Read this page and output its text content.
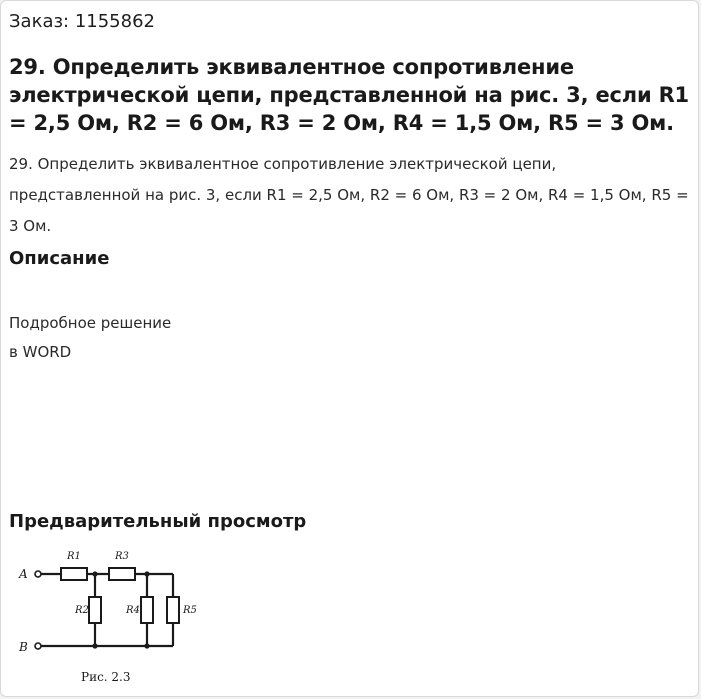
Заказ: 1155862
29. Определить эквивалентное сопротивление электрической цепи, представленной на рис. 3, если R1 = 2,5 Ом, R2 = 6 Ом, R3 = 2 Ом, R4 = 1,5 Ом, R5 = 3 Ом.

29. Определить эквивалентное сопротивление электрической цепи, представленной на рис. 3, если R1 = 2,5 Ом, R2 = 6 Ом, R3 = 2 Ом, R4 = 1,5 Ом, R5 = 3 Ом.

Описание
Подробное решение
в WORD
Предварительный просмотр
A
B
R1	R3
R2	R4	R5
Рис. 2.3
